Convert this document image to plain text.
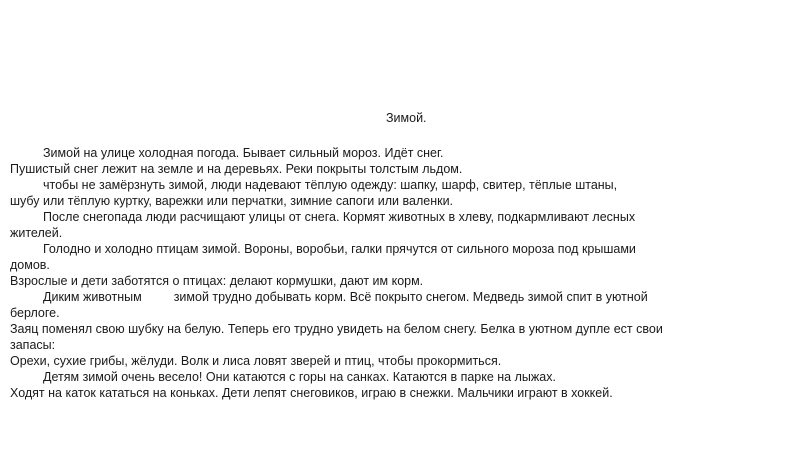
Зимой.
Зимой на улице холодная погода. Бывает сильный мороз. Идёт снег.
Пушистый снег лежит на земле и на деревьях. Реки покрыты толстым льдом.
чтобы не замёрзнуть зимой, люди надевают тёплую одежду: шапку, шарф, свитер, тёплые штаны,
шубу или тёплую куртку, варежки или перчатки, зимние сапоги или валенки.
После снегопада люди расчищают улицы от снега. Кормят животных в хлеву, подкармливают лесных
жителей.
Голодно и холодно птицам зимой. Вороны, воробьи, галки прячутся от сильного мороза под крышами
домов.
Взрослые и дети заботятся о птицах: делают кормушки, дают им корм.
Диким животным	зимой трудно добывать корм. Всё покрыто снегом. Медведь зимой спит в уютной
берлоге.
Заяц поменял свою шубку на белую. Теперь его трудно увидеть на белом снегу. Белка в уютном дупле ест свои
запасы:
Орехи, сухие грибы, жёлуди. Волк и лиса ловят зверей и птиц, чтобы прокормиться.
Детям зимой очень весело! Они катаются с горы на санках. Катаются в парке на лыжах.
Ходят на каток кататься на коньках. Дети лепят снеговиков, играю в снежки. Мальчики играют в хоккей.
